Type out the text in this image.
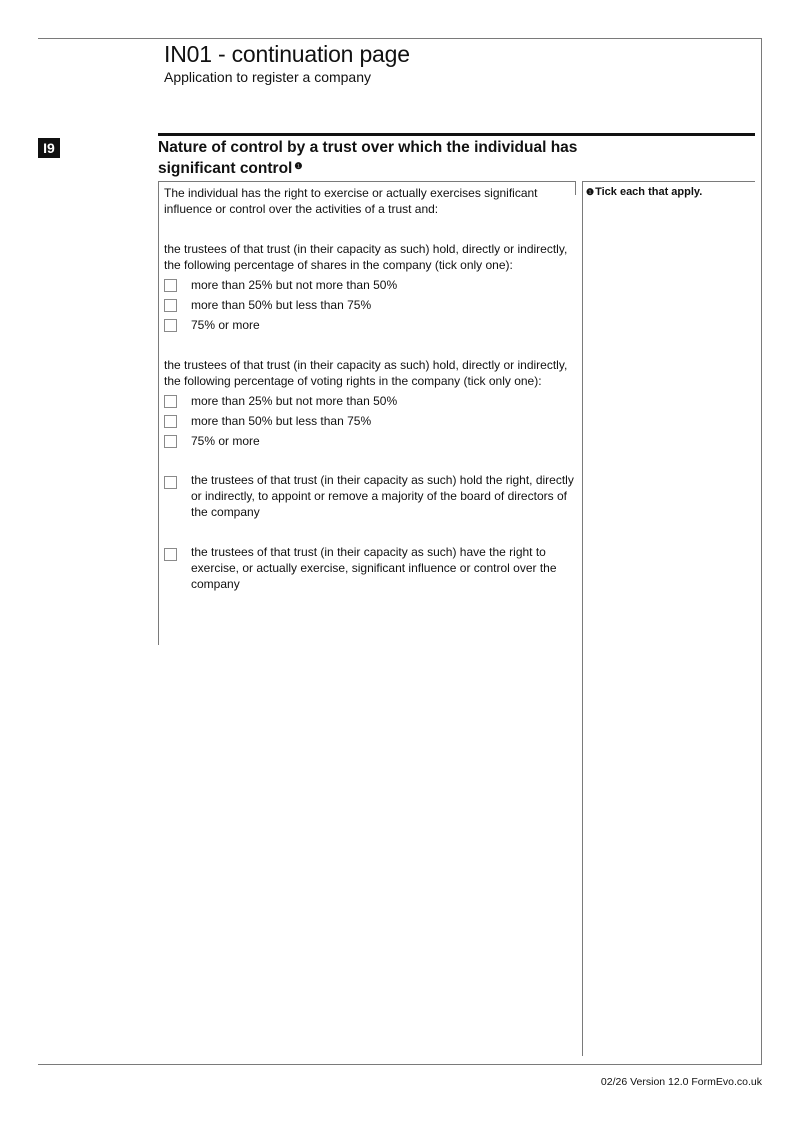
IN01 - continuation page
Application to register a company
I9	Nature of control by a trust over which the individual has significant control $^❶$
The individual has the right to exercise or actually exercises significant
influence or control over the activities of a trust and:
the trustees of that trust (in their capacity as such) hold, directly or indirectly,
the following percentage of shares in the company (tick only one):
more than 25% but not more than 50%
more than 50% but less than 75%
75% or more
the trustees of that trust (in their capacity as such) hold, directly or indirectly,
the following percentage of voting rights in the company (tick only one):
more than 25% but not more than 50%
more than 50% but less than 75%
75% or more
the trustees of that trust (in their capacity as such) hold the right, directly
or indirectly, to appoint or remove a majority of the board of directors of
the company
the trustees of that trust (in their capacity as such) have the right to
exercise, or actually exercise, significant influence or control over the
company
❶Tick each that apply.
02/26 Version 12.0 FormEvo.co.uk
